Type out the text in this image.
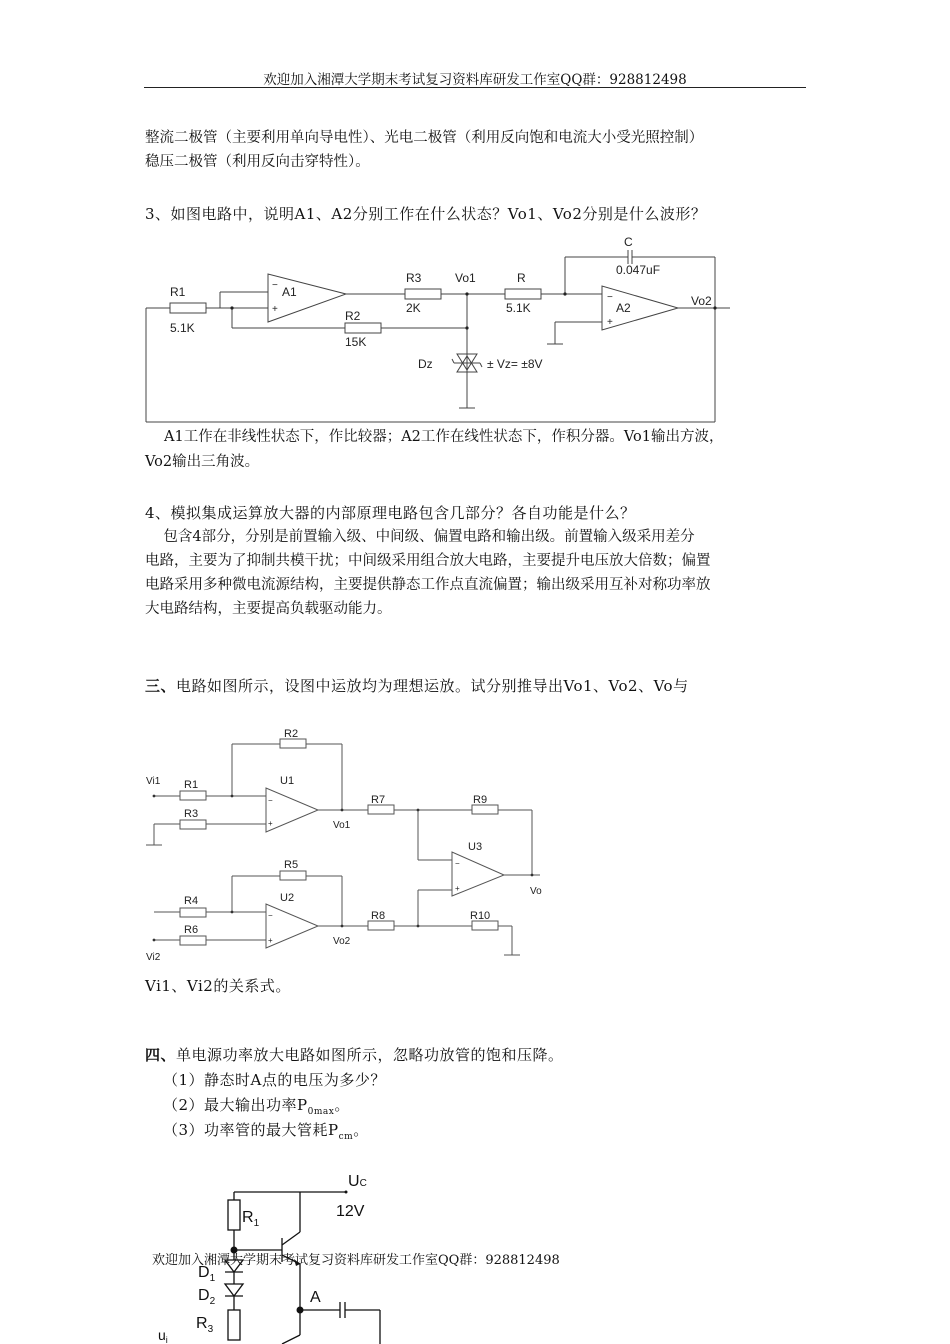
欢迎加入湘潭大学期末考试复习资料库研发工作室QQ群：928812498
整流二极管（主要利用单向导电性）、光电二极管（利用反向饱和电流大小受光照控制）
稳压二极管（利用反向击穿特性）。
3、如图电路中，说明A1、A2分别工作在什么状态？Vo1、Vo2分别是什么波形？
C
0.047uF
R1
5.1K
A1
−
+
R3
2K
Vo1	R
5.1K	A2
−
+
Vo2
R2
15K
Dz	± Vz= ±8V
A1工作在非线性状态下，作比较器；A2工作在线性状态下，作积分器。Vo1输出方波，
Vo2输出三角波。
4、模拟集成运算放大器的内部原理电路包含几部分？各自功能是什么？
包含4部分，分别是前置输入级、中间级、偏置电路和输出级。前置输入级采用差分
电路，主要为了抑制共模干扰；中间级采用组合放大电路，主要提升电压放大倍数；偏置
电路采用多种微电流源结构，主要提供静态工作点直流偏置；输出级采用互补对称功率放
大电路结构，主要提高负载驱动能力。
三、电路如图所示，设图中运放均为理想运放。试分别推导出Vo1、Vo2、Vo与
Vi1 R1
R2
U1
R3
−
+	Vo1
R7	R9
U3
−
+	Vo
R5
R4	U2
−
+
R8	R10
R6
Vo2
Vi2
Vi1、Vi2的关系式。
四、单电源功率放大电路如图所示，忽略功放管的饱和压降。
（1）静态时A点的电压为多少？
（2）最大输出功率$P_{0max}$。
（3）功率管的最大管耗$P_{cm}$。
UC
12V
$R_1$
$D_1$
$D_2$
$R_3$
A
$u_i$
欢迎加入湘潭大学期末考试复习资料库研发工作室QQ群：928812498
